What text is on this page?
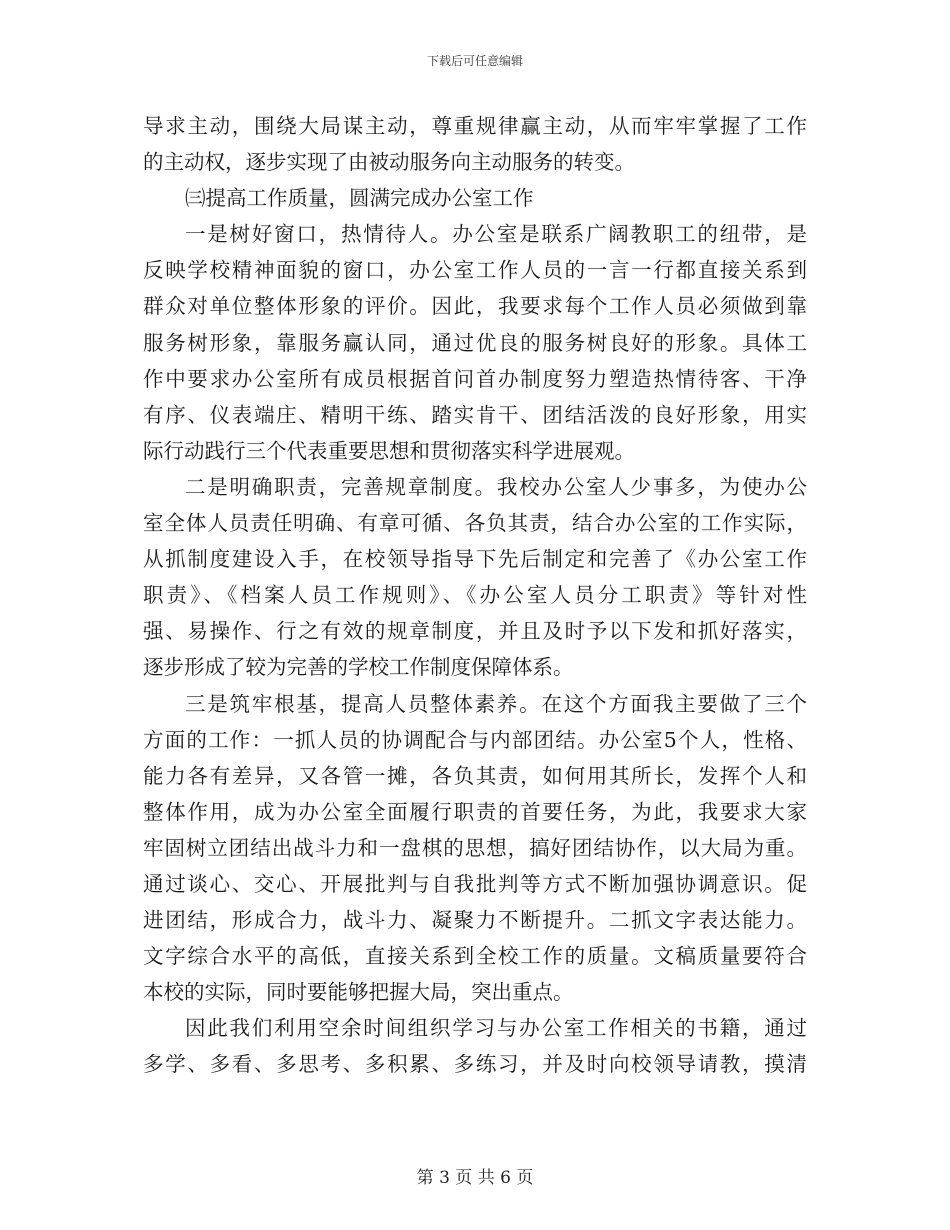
下载后可任意编辑
导求主动，围绕大局谋主动，尊重规律赢主动，从而牢牢掌握了工作
的主动权，逐步实现了由被动服务向主动服务的转变。
㈢提高工作质量，圆满完成办公室工作
一是树好窗口，热情待人。办公室是联系广阔教职工的纽带，是
反映学校精神面貌的窗口，办公室工作人员的一言一行都直接关系到
群众对单位整体形象的评价。因此，我要求每个工作人员必须做到靠
服务树形象，靠服务赢认同，通过优良的服务树良好的形象。具体工
作中要求办公室所有成员根据首问首办制度努力塑造热情待客、干净
有序、仪表端庄、精明干练、踏实肯干、团结活泼的良好形象，用实
际行动践行三个代表重要思想和贯彻落实科学进展观。
二是明确职责，完善规章制度。我校办公室人少事多，为使办公
室全体人员责任明确、有章可循、各负其责，结合办公室的工作实际，
从抓制度建设入手，在校领导指导下先后制定和完善了《办公室工作
职责》、《档案人员工作规则》、《办公室人员分工职责》等针对性
强、易操作、行之有效的规章制度，并且及时予以下发和抓好落实，
逐步形成了较为完善的学校工作制度保障体系。
三是筑牢根基，提高人员整体素养。在这个方面我主要做了三个
方面的工作：一抓人员的协调配合与内部团结。办公室5个人，性格、
能力各有差异，又各管一摊，各负其责，如何用其所长，发挥个人和
整体作用，成为办公室全面履行职责的首要任务，为此，我要求大家
牢固树立团结出战斗力和一盘棋的思想，搞好团结协作，以大局为重。
通过谈心、交心、开展批判与自我批判等方式不断加强协调意识。促
进团结，形成合力，战斗力、凝聚力不断提升。二抓文字表达能力。
文字综合水平的高低，直接关系到全校工作的质量。文稿质量要符合
本校的实际，同时要能够把握大局，突出重点。
因此我们利用空余时间组织学习与办公室工作相关的书籍，通过
多学、多看、多思考、多积累、多练习，并及时向校领导请教，摸清
第 3 页 共 6 页
